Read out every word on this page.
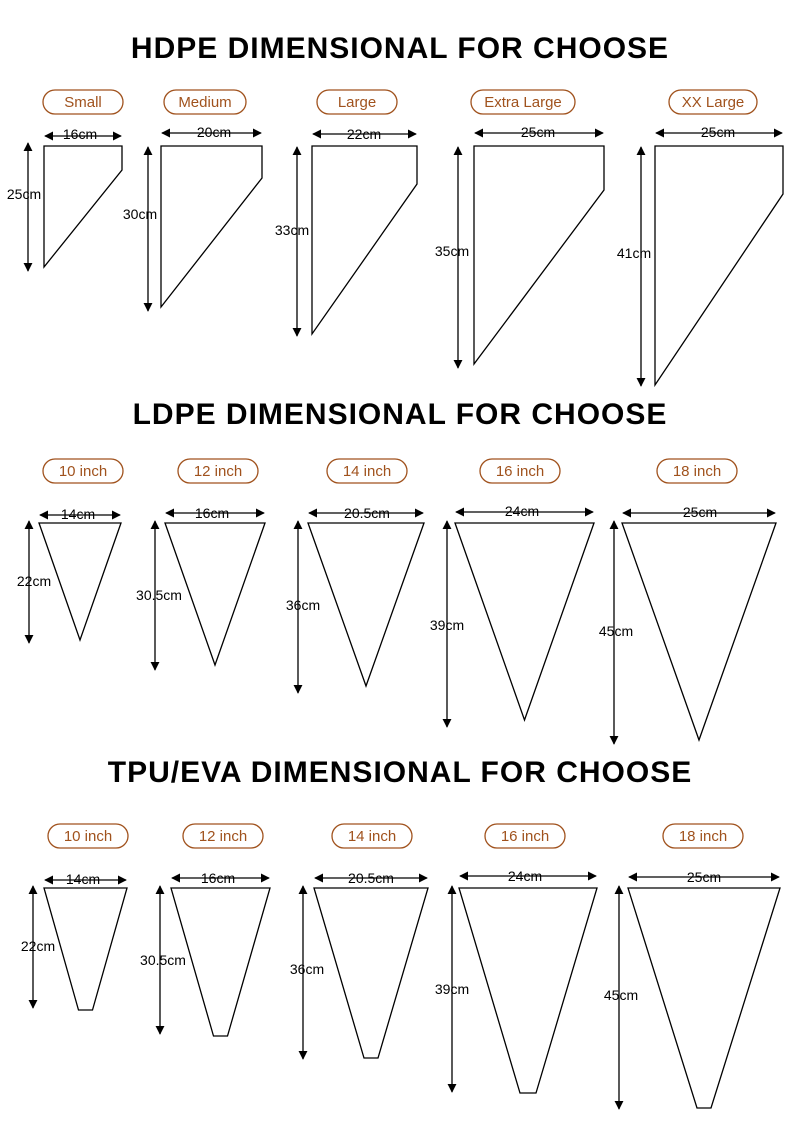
HDPE DIMENSIONAL FOR CHOOSE
Small
16cm
25cm
Medium
20cm
30cm
Large
22cm
33cm
Extra Large
25cm
35cm
XX Large
25cm
41cm
LDPE DIMENSIONAL FOR CHOOSE
10 inch
14cm
22cm
12 inch
16cm
30.5cm
14 inch
20.5cm
36cm
16 inch
24cm
39cm
18 inch
25cm
45cm
TPU/EVA DIMENSIONAL FOR CHOOSE
10 inch
14cm
22cm
12 inch
16cm
30.5cm
14 inch
20.5cm
36cm
16 inch
24cm
39cm
18 inch
25cm
45cm
